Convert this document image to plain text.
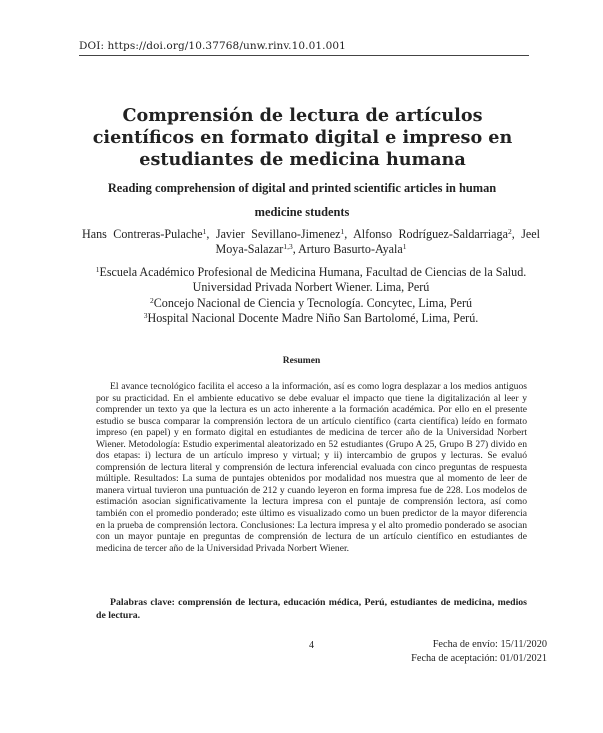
DOI: https://doi.org/10.37768/unw.rinv.10.01.001
Comprensión de lectura de artículos científicos en formato digital e impreso en estudiantes de medicina humana
Reading comprehension of digital and printed scientific articles in human medicine students
Hans Contreras-Pulache$^1$, Javier Sevillano-Jimenez$^1$, Alfonso Rodríguez-Saldarriaga$^2$, Jeel Moya-Salazar$^{1,3}$, Arturo Basurto-Ayala$^1$
$^1$Escuela Académico Profesional de Medicina Humana, Facultad de Ciencias de la Salud. Universidad Privada Norbert Wiener. Lima, Perú
$^2$Concejo Nacional de Ciencia y Tecnología. Concytec, Lima, Perú
$^3$Hospital Nacional Docente Madre Niño San Bartolomé, Lima, Perú.
Resumen

El avance tecnológico facilita el acceso a la información, así es como logra desplazar a los medios antiguos por su practicidad. En el ambiente educativo se debe evaluar el impacto que tiene la digitalización al leer y comprender un texto ya que la lectura es un acto inherente a la formación académica. Por ello en el presente estudio se busca comparar la comprensión lectora de un artículo científico (carta científica) leído en formato impreso (en papel) y en formato digital en estudiantes de medicina de tercer año de la Universidad Norbert Wiener. Metodología: Estudio experimental aleatorizado en 52 estudiantes (Grupo A 25, Grupo B 27) divido en dos etapas: i) lectura de un artículo impreso y virtual; y ii) intercambio de grupos y lecturas. Se evaluó comprensión de lectura literal y comprensión de lectura inferencial evaluada con cinco preguntas de respuesta múltiple. Resultados: La suma de puntajes obtenidos por modalidad nos muestra que al momento de leer de manera virtual tuvieron una puntuación de 212 y cuando leyeron en forma impresa fue de 228. Los modelos de estimación asocian significativamente la lectura impresa con el puntaje de comprensión lectora, así como también con el promedio ponderado; este último es visualizado como un buen predictor de la mayor diferencia en la prueba de comprensión lectora. Conclusiones: La lectura impresa y el alto promedio ponderado se asocian con un mayor puntaje en preguntas de comprensión de lectura de un artículo científico en estudiantes de medicina de tercer año de la Universidad Privada Norbert Wiener.

Palabras clave: comprensión de lectura, educación médica, Perú, estudiantes de medicina, medios de lectura.

4	Fecha de envío: 15/11/2020
Fecha de aceptación: 01/01/2021
